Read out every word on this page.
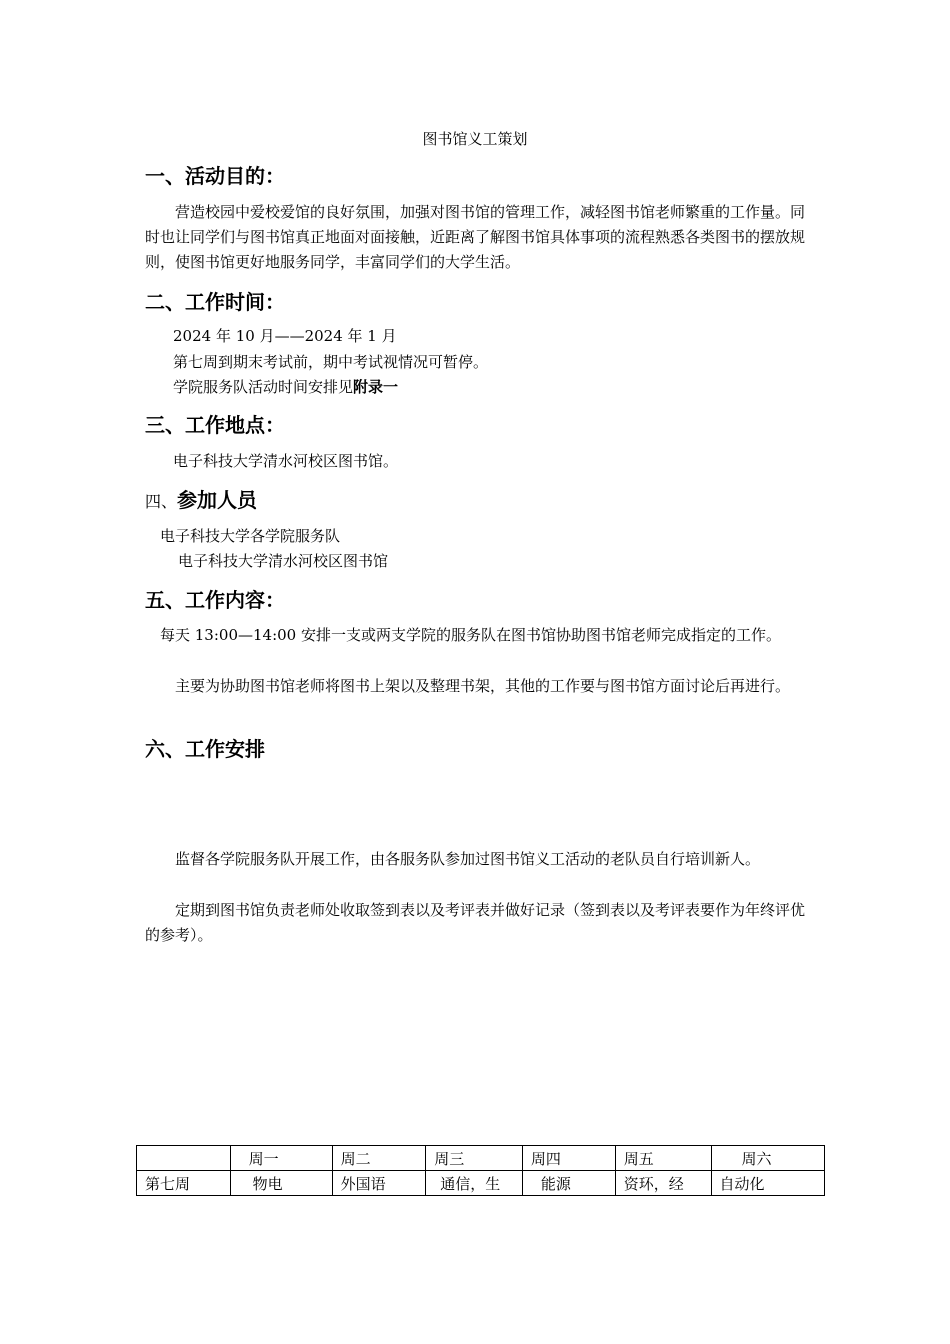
图书馆义工策划
一、活动目的：
营造校园中爱校爱馆的良好氛围，加强对图书馆的管理工作，减轻图书馆老师繁重的工作量。同时也让同学们与图书馆真正地面对面接触，近距离了解图书馆具体事项的流程熟悉各类图书的摆放规则，使图书馆更好地服务同学，丰富同学们的大学生活。
二、工作时间：
2024 年 10 月——2024 年 1 月
第七周到期末考试前，期中考试视情况可暂停。
学院服务队活动时间安排见附录一
三、工作地点：
电子科技大学清水河校区图书馆。
四、参加人员
电子科技大学各学院服务队
电子科技大学清水河校区图书馆
五、工作内容：
每天 13:00—14:00 安排一支或两支学院的服务队在图书馆协助图书馆老师完成指定的工作。
主要为协助图书馆老师将图书上架以及整理书架，其他的工作要与图书馆方面讨论后再进行。
六、工作安排
监督各学院服务队开展工作，由各服务队参加过图书馆义工活动的老队员自行培训新人。
定期到图书馆负责老师处收取签到表以及考评表并做好记录（签到表以及考评表要作为年终评优的参考）。
	周一	周二	周三	周四	周五	周六
第七周	物电	外国语	通信，生	能源	资环，经	自动化
